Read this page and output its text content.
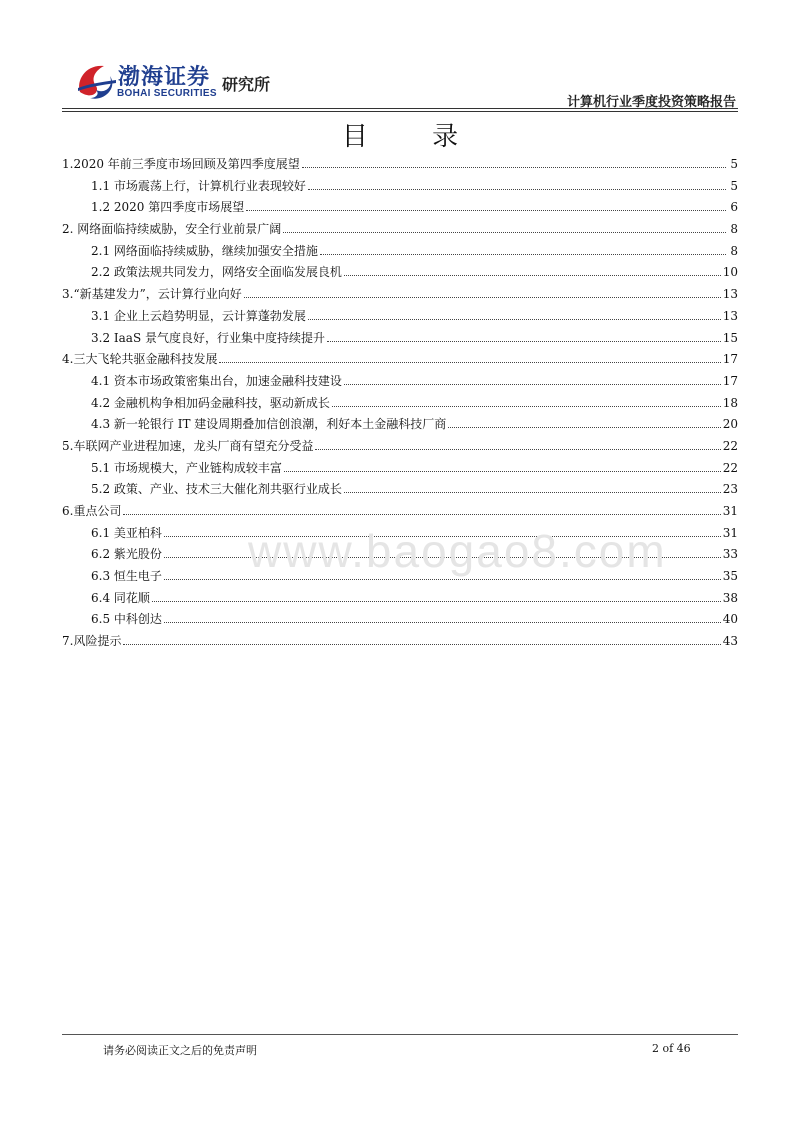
渤海证券
BOHAI SECURITIES 研究所
计算机行业季度投资策略报告
目 录
1.2020 年前三季度市场回顾及第四季度展望	5
1.1 市场震荡上行，计算机行业表现较好	5
1.2 2020 第四季度市场展望	6
2. 网络面临持续威胁，安全行业前景广阔	8
2.1 网络面临持续威胁，继续加强安全措施	8
2.2 政策法规共同发力，网络安全面临发展良机	10
3.“新基建发力”，云计算行业向好	13
3.1 企业上云趋势明显，云计算蓬勃发展	13
3.2 IaaS 景气度良好，行业集中度持续提升	15
4.三大飞轮共驱金融科技发展	17
4.1 资本市场政策密集出台，加速金融科技建设	17
4.2 金融机构争相加码金融科技，驱动新成长	18
4.3 新一轮银行 IT 建设周期叠加信创浪潮，利好本土金融科技厂商	20
5.车联网产业进程加速，龙头厂商有望充分受益	22
5.1 市场规模大，产业链构成较丰富	22
5.2 政策、产业、技术三大催化剂共驱行业成长	23
6.重点公司	31
6.1 美亚柏科	31
6.2 紫光股份	33
6.3 恒生电子	35
6.4 同花顺	38
6.5 中科创达	40
7.风险提示	43
www.baogao8.com
请务必阅读正文之后的免责声明	2 of 46
